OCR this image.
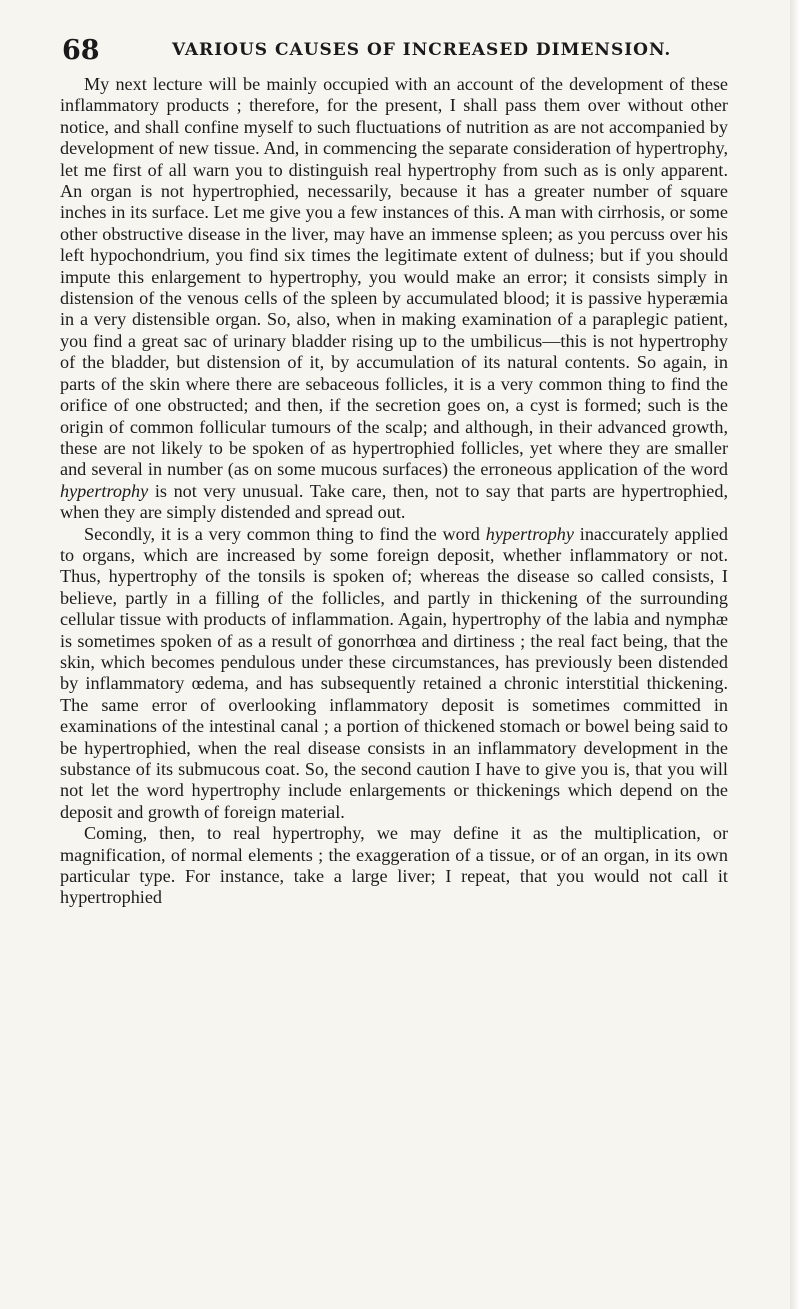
68	VARIOUS CAUSES OF INCREASED DIMENSION.

My next lecture will be mainly occupied with an account of the development of these inflammatory products ; therefore, for the present, I shall pass them over without other notice, and shall confine myself to such fluctuations of nutrition as are not accompanied by development of new tissue. And, in commencing the separate consideration of hypertrophy, let me first of all warn you to distinguish real hypertrophy from such as is only apparent. An organ is not hypertrophied, necessarily, because it has a greater number of square inches in its surface. Let me give you a few instances of this. A man with cirrhosis, or some other obstructive disease in the liver, may have an immense spleen; as you percuss over his left hypochondrium, you find six times the legitimate extent of dulness; but if you should impute this enlargement to hypertrophy, you would make an error; it consists simply in distension of the venous cells of the spleen by accumulated blood; it is passive hyperæmia in a very distensible organ. So, also, when in making examination of a paraplegic patient, you find a great sac of urinary bladder rising up to the umbilicus—this is not hypertrophy of the bladder, but distension of it, by accumulation of its natural contents. So again, in parts of the skin where there are sebaceous follicles, it is a very common thing to find the orifice of one obstructed; and then, if the secretion goes on, a cyst is formed; such is the origin of common follicular tumours of the scalp; and although, in their advanced growth, these are not likely to be spoken of as hypertrophied follicles, yet where they are smaller and several in number (as on some mucous surfaces) the erroneous application of the word hypertrophy is not very unusual. Take care, then, not to say that parts are hypertrophied, when they are simply distended and spread out.

Secondly, it is a very common thing to find the word hypertrophy inaccurately applied to organs, which are increased by some foreign deposit, whether inflammatory or not. Thus, hypertrophy of the tonsils is spoken of; whereas the disease so called consists, I believe, partly in a filling of the follicles, and partly in thickening of the surrounding cellular tissue with products of inflammation. Again, hypertrophy of the labia and nymphæ is sometimes spoken of as a result of gonorrhœa and dirtiness ; the real fact being, that the skin, which becomes pendulous under these circumstances, has previously been distended by inflammatory œdema, and has subsequently retained a chronic interstitial thickening. The same error of overlooking inflammatory deposit is sometimes committed in examinations of the intestinal canal ; a portion of thickened stomach or bowel being said to be hypertrophied, when the real disease consists in an inflammatory development in the substance of its submucous coat. So, the second caution I have to give you is, that you will not let the word hypertrophy include enlargements or thickenings which depend on the deposit and growth of foreign material.

Coming, then, to real hypertrophy, we may define it as the multiplication, or magnification, of normal elements ; the exaggeration of a tissue, or of an organ, in its own particular type. For instance, take a large liver; I repeat, that you would not call it hypertrophied
